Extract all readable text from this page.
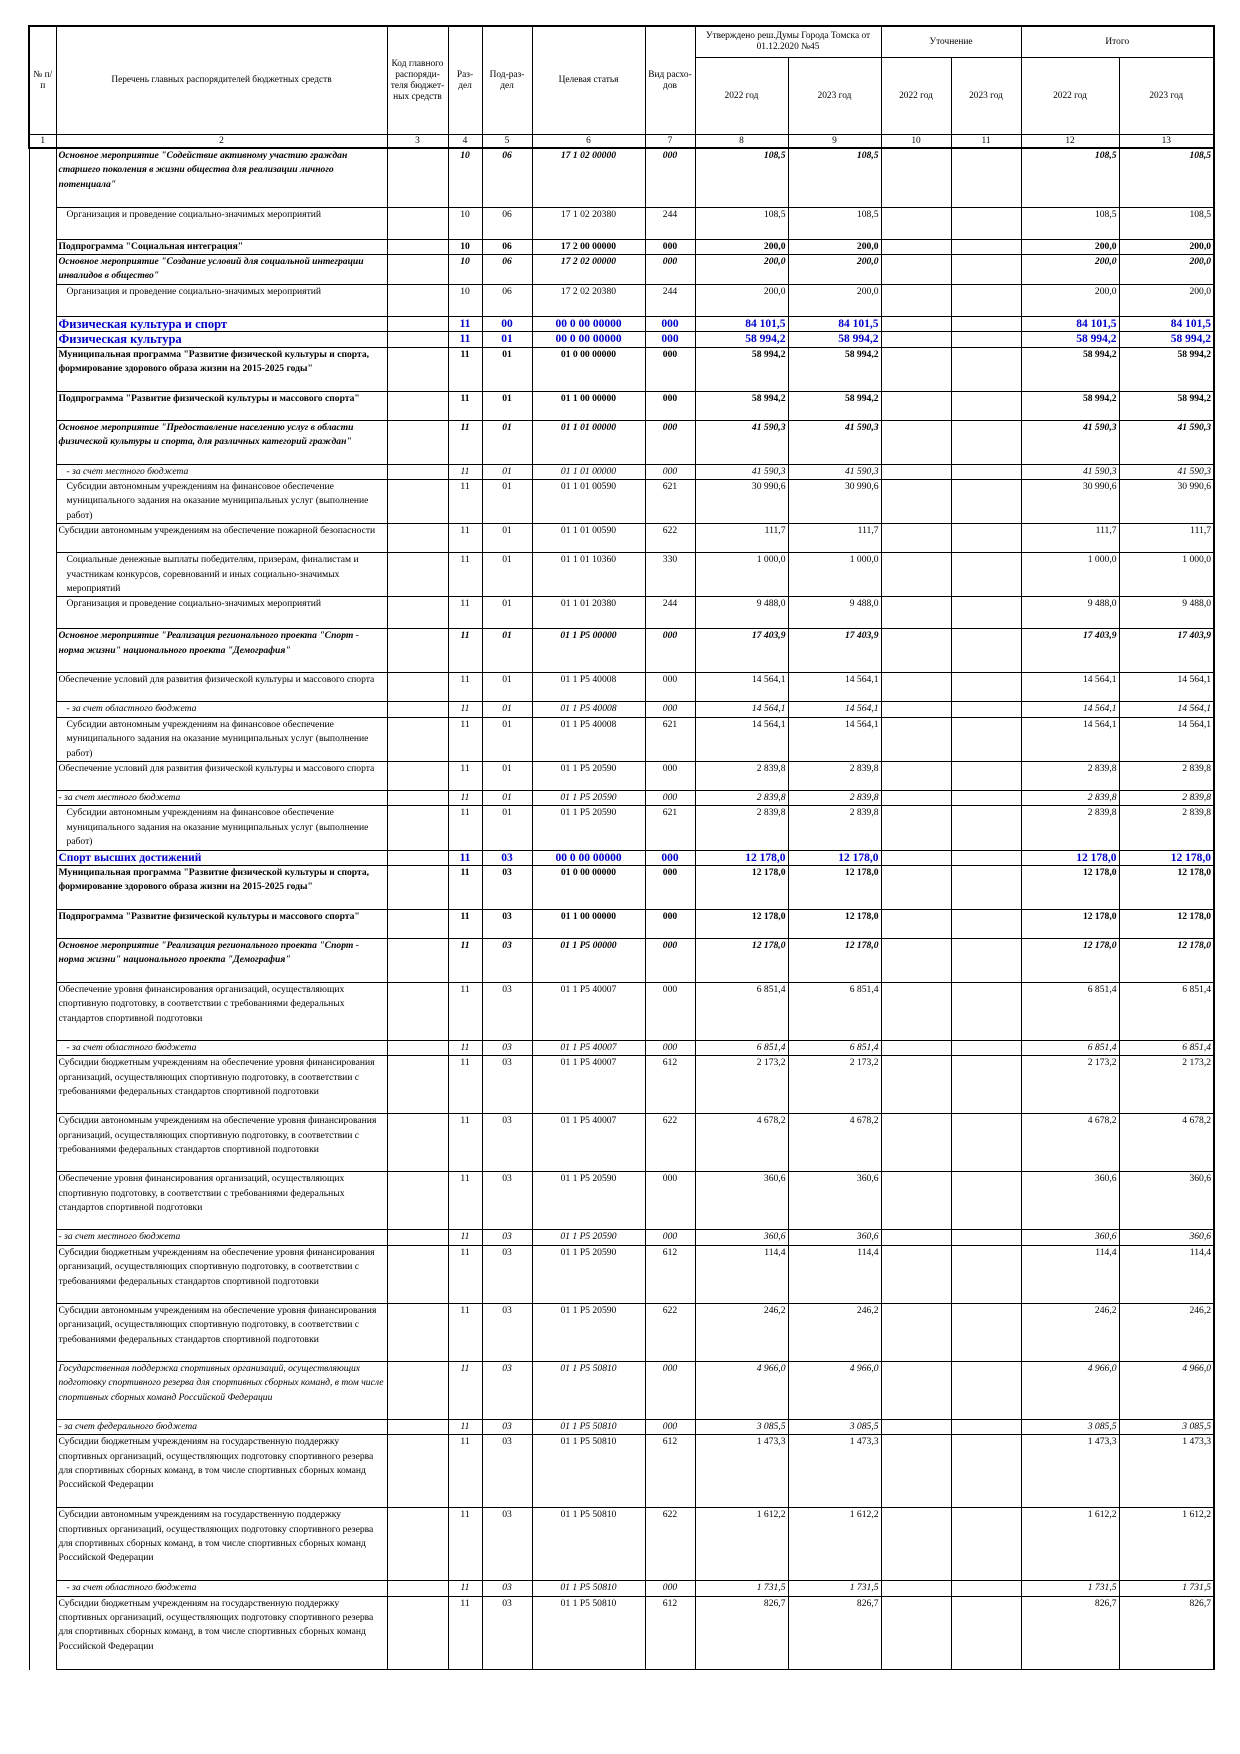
№ п/п	Перечень главных распорядителей бюджетных средств	Код главного распоряди-теля бюджет-ных средств	Раз-дел	Под-раз-дел	Целевая статья	Вид расхо-дов	Утверждено реш.Думы Города Томска от 01.12.2020 №45		Уточнение		Итого	
							2022 год	2023 год	2022 год	2023 год	2022 год	2023 год
1	2	3	4	5	6	7	8	9	10	11	12	13
	Основное мероприятие "Содействие активному участию граждан старшего поколения в жизни общества для реализации личного потенциала"		10	06	17 1 02 00000	000	108,5	108,5			108,5	108,5
	Организация и проведение социально-значимых мероприятий		10	06	17 1 02 20380	244	108,5	108,5			108,5	108,5
	Подпрограмма "Социальная интеграция"		10	06	17 2 00 00000	000	200,0	200,0			200,0	200,0
	Основное мероприятие "Создание условий для социальной интеграции инвалидов в общество"		10	06	17 2 02 00000	000	200,0	200,0			200,0	200,0
	Организация и проведение социально-значимых мероприятий		10	06	17 2 02 20380	244	200,0	200,0			200,0	200,0
	Физическая культура и спорт		11	00	00 0 00 00000	000	84 101,5	84 101,5			84 101,5	84 101,5
	Физическая культура		11	01	00 0 00 00000	000	58 994,2	58 994,2			58 994,2	58 994,2
	Муниципальная программа "Развитие физической культуры и спорта, формирование здорового образа жизни на 2015-2025 годы"		11	01	01 0 00 00000	000	58 994,2	58 994,2			58 994,2	58 994,2
	Подпрограмма "Развитие физической культуры и массового спорта"		11	01	01 1 00 00000	000	58 994,2	58 994,2			58 994,2	58 994,2
	Основное мероприятие "Предоставление населению услуг в области физической культуры и спорта, для различных категорий граждан"		11	01	01 1 01 00000	000	41 590,3	41 590,3			41 590,3	41 590,3
	- за счет местного бюджета		11	01	01 1 01 00000	000	41 590,3	41 590,3			41 590,3	41 590,3
	Субсидии автономным учреждениям на финансовое обеспечение муниципального задания на оказание муниципальных услуг (выполнение работ)		11	01	01 1 01 00590	621	30 990,6	30 990,6			30 990,6	30 990,6
	Субсидии автономным учреждениям на обеспечение пожарной безопасности		11	01	01 1 01 00590	622	111,7	111,7			111,7	111,7
	Социальные денежные выплаты победителям, призерам, финалистам и участникам конкурсов, соревнований и иных социально-значимых мероприятий		11	01	01 1 01 10360	330	1 000,0	1 000,0			1 000,0	1 000,0
	Организация и проведение социально-значимых мероприятий		11	01	01 1 01 20380	244	9 488,0	9 488,0			9 488,0	9 488,0
	Основное мероприятие "Реализация регионального проекта "Спорт - норма жизни" национального проекта "Демография"		11	01	01 1 P5 00000	000	17 403,9	17 403,9			17 403,9	17 403,9
	Обеспечение условий для развития физической культуры и массового спорта		11	01	01 1 P5 40008	000	14 564,1	14 564,1			14 564,1	14 564,1
	- за счет областного бюджета		11	01	01 1 P5 40008	000	14 564,1	14 564,1			14 564,1	14 564,1
	Субсидии автономным учреждениям на финансовое обеспечение муниципального задания на оказание муниципальных услуг (выполнение работ)		11	01	01 1 P5 40008	621	14 564,1	14 564,1			14 564,1	14 564,1
	Обеспечение условий для развития физической культуры и массового спорта		11	01	01 1 P5 20590	000	2 839,8	2 839,8			2 839,8	2 839,8
	- за счет местного бюджета		11	01	01 1 P5 20590	000	2 839,8	2 839,8			2 839,8	2 839,8
	Субсидии автономным учреждениям на финансовое обеспечение муниципального задания на оказание муниципальных услуг (выполнение работ)		11	01	01 1 P5 20590	621	2 839,8	2 839,8			2 839,8	2 839,8
	Спорт высших достижений		11	03	00 0 00 00000	000	12 178,0	12 178,0			12 178,0	12 178,0
	Муниципальная программа "Развитие физической культуры и спорта, формирование здорового образа жизни на 2015-2025 годы"		11	03	01 0 00 00000	000	12 178,0	12 178,0			12 178,0	12 178,0
	Подпрограмма "Развитие физической культуры и массового спорта"		11	03	01 1 00 00000	000	12 178,0	12 178,0			12 178,0	12 178,0
	Основное мероприятие "Реализация регионального проекта "Спорт - норма жизни" национального проекта "Демография"		11	03	01 1 P5 00000	000	12 178,0	12 178,0			12 178,0	12 178,0
	Обеспечение уровня финансирования организаций, осуществляющих спортивную подготовку, в соответствии с требованиями федеральных стандартов спортивной подготовки		11	03	01 1 P5 40007	000	6 851,4	6 851,4			6 851,4	6 851,4
	- за счет областного бюджета		11	03	01 1 P5 40007	000	6 851,4	6 851,4			6 851,4	6 851,4
	Субсидии бюджетным учреждениям на обеспечение уровня финансирования организаций, осуществляющих спортивную подготовку, в соответствии с требованиями федеральных стандартов спортивной подготовки		11	03	01 1 P5 40007	612	2 173,2	2 173,2			2 173,2	2 173,2
	Субсидии автономным учреждениям на обеспечение уровня финансирования организаций, осуществляющих спортивную подготовку, в соответствии с требованиями федеральных стандартов спортивной подготовки		11	03	01 1 P5 40007	622	4 678,2	4 678,2			4 678,2	4 678,2
	Обеспечение уровня финансирования организаций, осуществляющих спортивную подготовку, в соответствии с требованиями федеральных стандартов спортивной подготовки		11	03	01 1 P5 20590	000	360,6	360,6			360,6	360,6
	- за счет местного бюджета		11	03	01 1 P5 20590	000	360,6	360,6			360,6	360,6
	Субсидии бюджетным учреждениям на обеспечение уровня финансирования организаций, осуществляющих спортивную подготовку, в соответствии с требованиями федеральных стандартов спортивной подготовки		11	03	01 1 P5 20590	612	114,4	114,4			114,4	114,4
	Субсидии автономным учреждениям на обеспечение уровня финансирования организаций, осуществляющих спортивную подготовку, в соответствии с требованиями федеральных стандартов спортивной подготовки		11	03	01 1 P5 20590	622	246,2	246,2			246,2	246,2
	Государственная поддержка спортивных организаций, осуществляющих подготовку спортивного резерва для спортивных сборных команд, в том числе спортивных сборных команд Российской Федерации		11	03	01 1 P5 50810	000	4 966,0	4 966,0			4 966,0	4 966,0
	- за счет федерального бюджета		11	03	01 1 P5 50810	000	3 085,5	3 085,5			3 085,5	3 085,5
	Субсидии бюджетным учреждениям на государственную поддержку спортивных организаций, осуществляющих подготовку спортивного резерва для спортивных сборных команд, в том числе спортивных сборных команд Российской Федерации		11	03	01 1 P5 50810	612	1 473,3	1 473,3			1 473,3	1 473,3
	Субсидии автономным учреждениям на государственную поддержку спортивных организаций, осуществляющих подготовку спортивного резерва для спортивных сборных команд, в том числе спортивных сборных команд Российской Федерации		11	03	01 1 P5 50810	622	1 612,2	1 612,2			1 612,2	1 612,2
	- за счет областного бюджета		11	03	01 1 P5 50810	000	1 731,5	1 731,5			1 731,5	1 731,5
	Субсидии бюджетным учреждениям на государственную поддержку спортивных организаций, осуществляющих подготовку спортивного резерва для спортивных сборных команд, в том числе спортивных сборных команд Российской Федерации		11	03	01 1 P5 50810	612	826,7	826,7			826,7	826,7
